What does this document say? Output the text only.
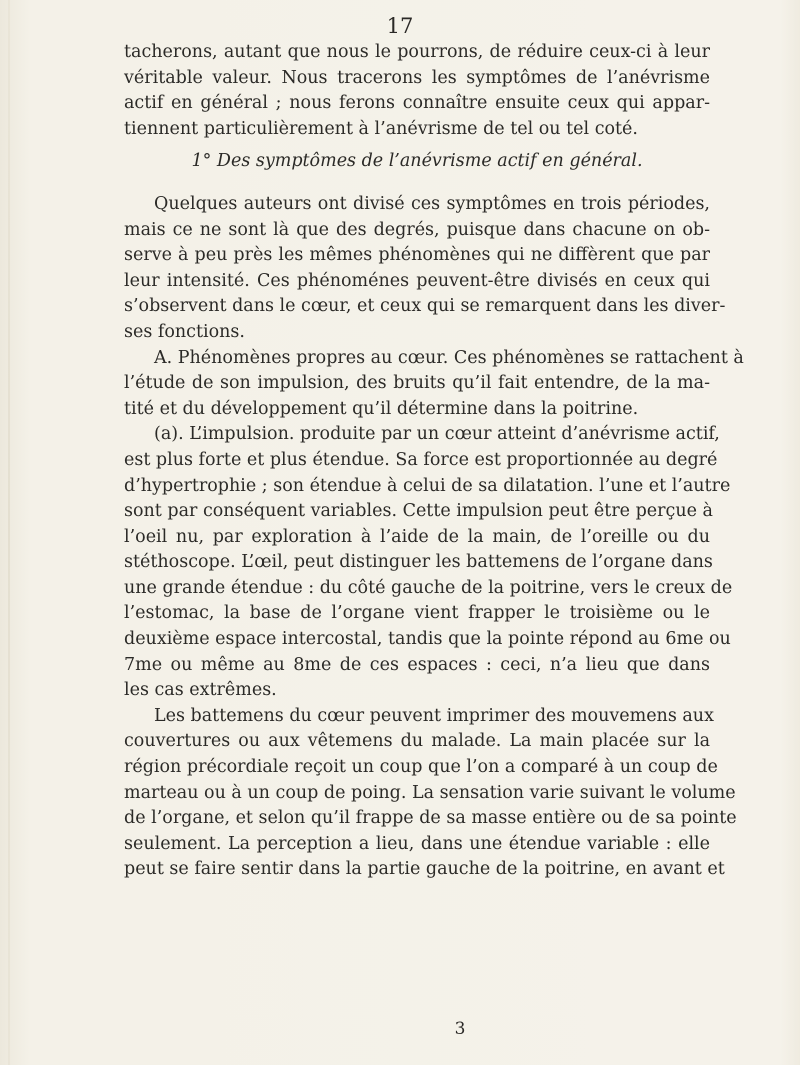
17
tacherons, autant que nous le pourrons, de réduire ceux-ci à leur
véritable valeur. Nous tracerons les symptômes de l’anévrisme
actif en général ; nous ferons connaître ensuite ceux qui appar-
tiennent particulièrement à l’anévrisme de tel ou tel coté.
1° Des symptômes de l’anévrisme actif en général.
Quelques auteurs ont divisé ces symptômes en trois périodes,
mais ce ne sont là que des degrés, puisque dans chacune on ob-
serve à peu près les mêmes phénomènes qui ne diffèrent que par
leur intensité. Ces phénoménes peuvent-être divisés en ceux qui
s’observent dans le cœur, et ceux qui se remarquent dans les diver-
ses fonctions.
A. Phénomènes propres au cœur. Ces phénomènes se rattachent à
l’étude de son impulsion, des bruits qu’il fait entendre, de la ma-
tité et du développement qu’il détermine dans la poitrine.
(a). L’impulsion. produite par un cœur atteint d’anévrisme actif,
est plus forte et plus étendue. Sa force est proportionnée au degré
d’hypertrophie ; son étendue à celui de sa dilatation. l’une et l’autre
sont par conséquent variables. Cette impulsion peut être perçue à
l’oeil nu, par exploration à l’aide de la main, de l’oreille ou du
stéthoscope. L’œil, peut distinguer les battemens de l’organe dans
une grande étendue : du côté gauche de la poitrine, vers le creux de
l’estomac, la base de l’organe vient frapper le troisième ou le
deuxième espace intercostal, tandis que la pointe répond au 6me ou
7me ou même au 8me de ces espaces : ceci, n’a lieu que dans
les cas extrêmes.
Les battemens du cœur peuvent imprimer des mouvemens aux
couvertures ou aux vêtemens du malade. La main placée sur la
région précordiale reçoit un coup que l’on a comparé à un coup de
marteau ou à un coup de poing. La sensation varie suivant le volume
de l’organe, et selon qu’il frappe de sa masse entière ou de sa pointe
seulement. La perception a lieu, dans une étendue variable : elle
peut se faire sentir dans la partie gauche de la poitrine, en avant et
3
